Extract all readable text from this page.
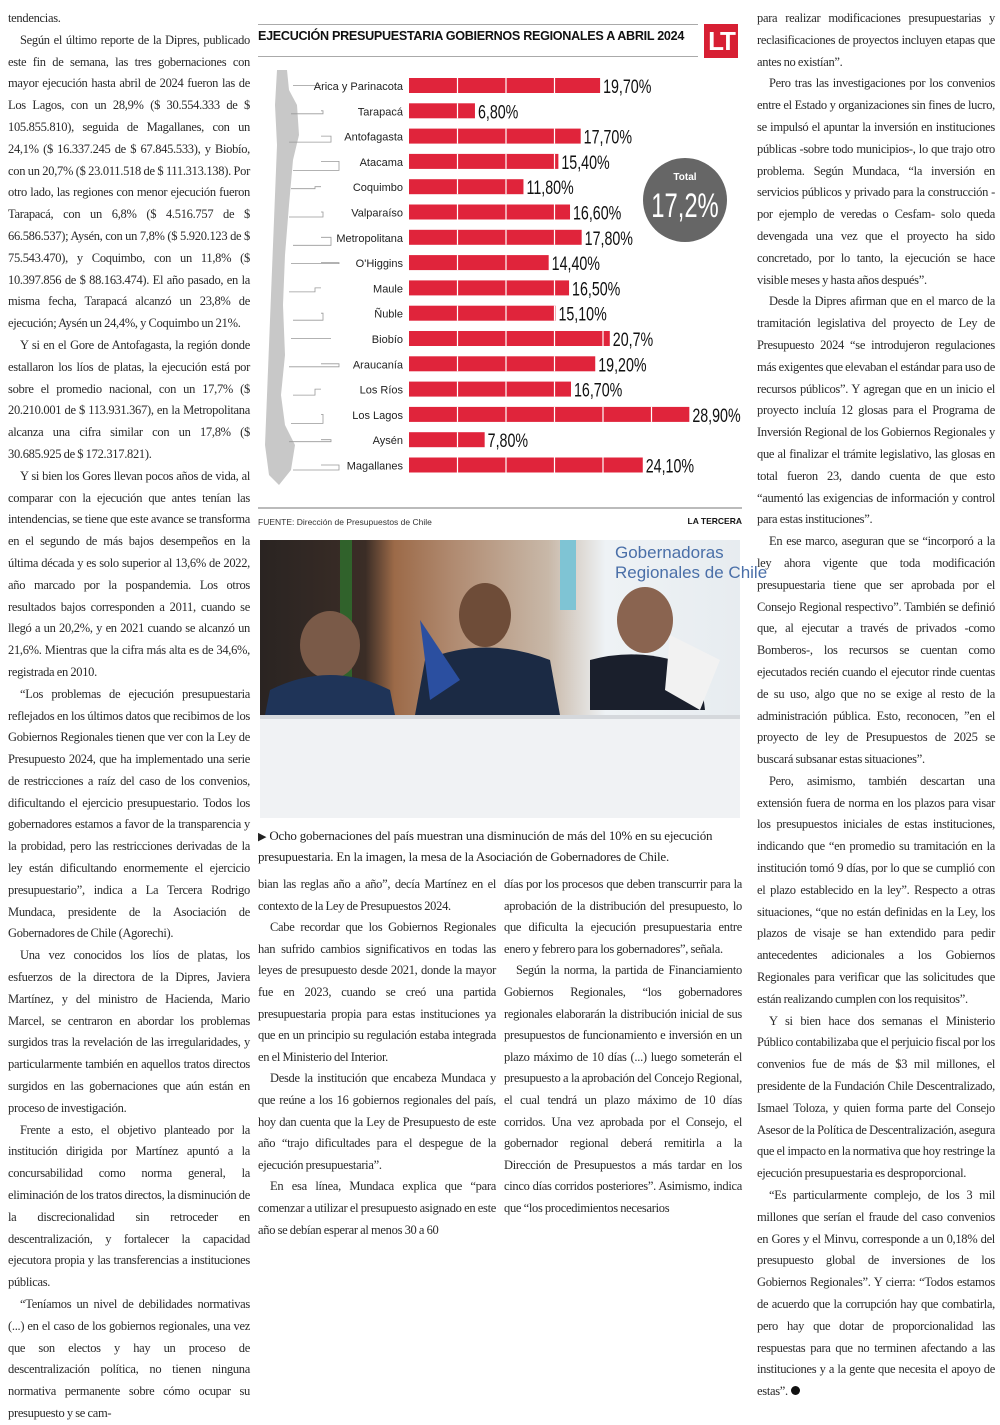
tendencias.

Según el último reporte de la Dipres, publicado este fin de semana, las tres gobernaciones con mayor ejecución hasta abril de 2024 fueron las de Los Lagos, con un 28,9% ($ 30.554.333 de $ 105.855.810), seguida de Magallanes, con un 24,1% ($ 16.337.245 de $ 67.845.533), y Biobío, con un 20,7% ($ 23.011.518 de $ 111.313.138). Por otro lado, las regiones con menor ejecución fueron Tarapacá, con un 6,8% ($ 4.516.757 de $ 66.586.537); Aysén, con un 7,8% ($ 5.920.123 de $ 75.543.470), y Coquimbo, con un 11,8% ($ 10.397.856 de $ 88.163.474). El año pasado, en la misma fecha, Tarapacá alcanzó un 23,8% de ejecución; Aysén un 24,4%, y Coquimbo un 21%.

Y si en el Gore de Antofagasta, la región donde estallaron los líos de platas, la ejecución está por sobre el promedio nacional, con un 17,7% ($ 20.210.001 de $ 113.931.367), en la Metropolitana alcanza una cifra similar con un 17,8% ($ 30.685.925 de $ 172.317.821).

Y si bien los Gores llevan pocos años de vida, al comparar con la ejecución que antes tenían las intendencias, se tiene que este avance se transforma en el segundo de más bajos desempeños en la última década y es solo superior al 13,6% de 2022, año marcado por la pospandemia. Los otros resultados bajos corresponden a 2011, cuando se llegó a un 20,2%, y en 2021 cuando se alcanzó un 21,6%. Mientras que la cifra más alta es de 34,6%, registrada en 2010.

“Los problemas de ejecución presupuestaria reflejados en los últimos datos que recibimos de los Gobiernos Regionales tienen que ver con la Ley de Presupuesto 2024, que ha implementado una serie de restricciones a raíz del caso de los convenios, dificultando el ejercicio presupuestario. Todos los gobernadores estamos a favor de la transparencia y la probidad, pero las restricciones derivadas de la ley están dificultando enormemente el ejercicio presupuestario”, indica a La Tercera Rodrigo Mundaca, presidente de la Asociación de Gobernadores de Chile (Agorechi).

Una vez conocidos los líos de platas, los esfuerzos de la directora de la Dipres, Javiera Martínez, y del ministro de Hacienda, Mario Marcel, se centraron en abordar los problemas surgidos tras la revelación de las irregularidades, y particularmente también en aquellos tratos directos surgidos en las gobernaciones que aún están en proceso de investigación.

Frente a esto, el objetivo planteado por la institución dirigida por Martínez apuntó a la concursabilidad como norma general, la eliminación de los tratos directos, la disminución de la discrecionalidad sin retroceder en descentralización, y fortalecer la capacidad ejecutora propia y las transferencias a instituciones públicas.

“Teníamos un nivel de debilidades normativas (...) en el caso de los gobiernos regionales, una vez que son electos y hay un proceso de descentralización política, no tienen ninguna normativa permanente sobre cómo ocupar su presupuesto y se cam-

bian las reglas año a año”, decía Martínez en el contexto de la Ley de Presupuestos 2024.

Cabe recordar que los Gobiernos Regionales han sufrido cambios significativos en todas las leyes de presupuesto desde 2021, donde la mayor fue en 2023, cuando se creó una partida presupuestaria propia para estas instituciones ya que en un principio su regulación estaba integrada en el Ministerio del Interior.

Desde la institución que encabeza Mundaca y que reúne a los 16 gobiernos regionales del país, hoy dan cuenta que la Ley de Presupuesto de este año “trajo dificultades para el despegue de la ejecución presupuestaria”.

En esa línea, Mundaca explica que “para comenzar a utilizar el presupuesto asignado en este año se debían esperar al menos 30 a 60

días por los procesos que deben transcurrir para la aprobación de la distribución del presupuesto, lo que dificulta la ejecución presupuestaria entre enero y febrero para los gobernadores”, señala.

Según la norma, la partida de Financiamiento Gobiernos Regionales, “los gobernadores regionales elaborarán la distribución inicial de sus presupuestos de funcionamiento e inversión en un plazo máximo de 10 días (...) luego someterán el presupuesto a la aprobación del Concejo Regional, el cual tendrá un plazo máximo de 10 días corridos. Una vez aprobada por el Consejo, el gobernador regional deberá remitirla a la Dirección de Presupuestos a más tardar en los cinco días corridos posteriores”. Asimismo, indica que “los procedimientos necesarios

para realizar modificaciones presupuestarias y reclasificaciones de proyectos incluyen etapas que antes no existían”.

Pero tras las investigaciones por los convenios entre el Estado y organizaciones sin fines de lucro, se impulsó el apuntar la inversión en instituciones públicas -sobre todo municipios-, lo que trajo otro problema. Según Mundaca, “la inversión en servicios públicos y privado para la construcción -por ejemplo de veredas o Cesfam- solo queda devengada una vez que el proyecto ha sido concretado, por lo tanto, la ejecución se hace visible meses y hasta años después”.

Desde la Dipres afirman que en el marco de la tramitación legislativa del proyecto de Ley de Presupuesto 2024 “se introdujeron regulaciones más exigentes que elevaban el estándar para uso de recursos públicos”. Y agregan que en un inicio el proyecto incluía 12 glosas para el Programa de Inversión Regional de los Gobiernos Regionales y que al finalizar el trámite legislativo, las glosas en total fueron 23, dando cuenta de que esto “aumentó las exigencias de información y control para estas instituciones”.

En ese marco, aseguran que se “incorporó a la ley ahora vigente que toda modificación presupuestaria tiene que ser aprobada por el Consejo Regional respectivo”. También se definió que, al ejecutar a través de privados -como Bomberos-, los recursos se cuentan como ejecutados recién cuando el ejecutor rinde cuentas de su uso, algo que no se exige al resto de la administración pública. Esto, reconocen, ”en el proyecto de ley de Presupuestos de 2025 se buscará subsanar estas situaciones”.

Pero, asimismo, también descartan una extensión fuera de norma en los plazos para visar los presupuestos iniciales de estas instituciones, indicando que “en promedio su tramitación en la institución tomó 9 días, por lo que se cumplió con el plazo establecido en la ley”. Respecto a otras situaciones, “que no están definidas en la Ley, los plazos de visaje se han extendido para pedir antecedentes adicionales a los Gobiernos Regionales para verificar que las solicitudes que están realizando cumplen con los requisitos”.

Y si bien hace dos semanas el Ministerio Público contabilizaba que el perjuicio fiscal por los convenios fue de más de $3 mil millones, el presidente de la Fundación Chile Descentralizado, Ismael Toloza, y quien forma parte del Consejo Asesor de la Política de Descentralización, asegura que el impacto en la normativa que hoy restringe la ejecución presupuestaria es desproporcional.

“Es particularmente complejo, de los 3 mil millones que serían el fraude del caso convenios en Gores y el Minvu, corresponde a un 0,18% del presupuesto global de inversiones de los Gobiernos Regionales”. Y cierra: “Todos estamos de acuerdo que la corrupción hay que combatirla, pero hay que dotar de proporcionalidad las respuestas para que no terminen afectando a las instituciones y a la gente que necesita el apoyo de estas”.

EJECUCIÓN PRESUPUESTARIA GOBIERNOS REGIONALES A ABRIL 2024 LT
Arica y Parinacota	19,70%
Tarapacá	6,80%
Antofagasta	17,70%
Atacama	15,40%
Coquimbo	11,80%
Valparaíso	16,60%
Metropolitana	17,80%
O'Higgins	14,40%
Maule	16,50%
Ñuble	15,10%
Biobío	20,7%
Araucanía	19,20%
Los Ríos	16,70%
Los Lagos	28,90%
Aysén	7,80%
Magallanes	24,10%
Total
17,2%
FUENTE: Dirección de Presupuestos de Chile	LA TERCERA
Gobernadoras Regionales de Chile
▶ Ocho gobernaciones del país muestran una disminución de más del 10% en su ejecución presupuestaria. En la imagen, la mesa de la Asociación de Gobernadores de Chile.
